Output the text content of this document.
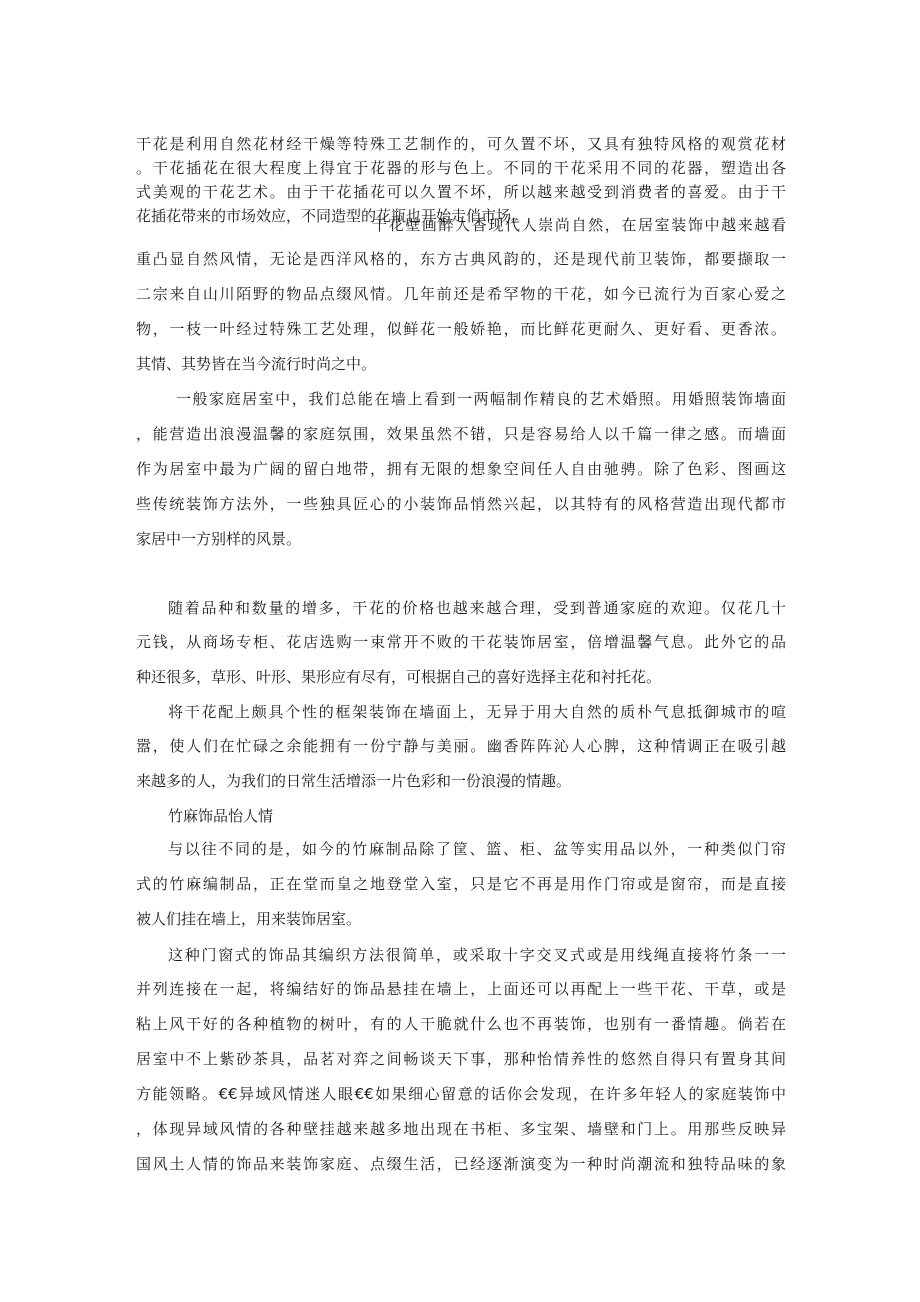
干花是利用自然花材经干燥等特殊工艺制作的，可久置不坏，又具有独特风格的观赏花材
。干花插花在很大程度上得宜于花器的形与色上。不同的干花采用不同的花器，塑造出各
式美观的干花艺术。由于干花插花可以久置不坏，所以越来越受到消费者的喜爱。由于干
花插花带来的市场效应，不同造型的花瓶也开始走俏市场。
干花壁画醉人香现代人崇尚自然，在居室装饰中越来越看
重凸显自然风情，无论是西洋风格的，东方古典风韵的，还是现代前卫装饰，都要撷取一
二宗来自山川陌野的物品点缀风情。几年前还是希罕物的干花，如今已流行为百家心爱之
物，一枝一叶经过特殊工艺处理，似鲜花一般娇艳，而比鲜花更耐久、更好看、更香浓。
其情、其势皆在当今流行时尚之中。
一般家庭居室中，我们总能在墙上看到一两幅制作精良的艺术婚照。用婚照装饰墙面
，能营造出浪漫温馨的家庭氛围，效果虽然不错，只是容易给人以千篇一律之感。而墙面
作为居室中最为广阔的留白地带，拥有无限的想象空间任人自由驰骋。除了色彩、图画这
些传统装饰方法外，一些独具匠心的小装饰品悄然兴起，以其特有的风格营造出现代都市
家居中一方别样的风景。
随着品种和数量的增多，干花的价格也越来越合理，受到普通家庭的欢迎。仅花几十
元钱，从商场专柜、花店选购一束常开不败的干花装饰居室，倍增温馨气息。此外它的品
种还很多，草形、叶形、果形应有尽有，可根据自己的喜好选择主花和衬托花。
将干花配上颇具个性的框架装饰在墙面上，无异于用大自然的质朴气息抵御城市的喧
嚣，使人们在忙碌之余能拥有一份宁静与美丽。幽香阵阵沁人心脾，这种情调正在吸引越
来越多的人，为我们的日常生活增添一片色彩和一份浪漫的情趣。
竹麻饰品怡人情
与以往不同的是，如今的竹麻制品除了筐、篮、柜、盆等实用品以外，一种类似门帘
式的竹麻编制品，正在堂而皇之地登堂入室，只是它不再是用作门帘或是窗帘，而是直接
被人们挂在墙上，用来装饰居室。
这种门窗式的饰品其编织方法很简单，或采取十字交叉式或是用线绳直接将竹条一一
并列连接在一起，将编结好的饰品悬挂在墙上，上面还可以再配上一些干花、干草，或是
粘上风干好的各种植物的树叶，有的人干脆就什么也不再装饰，也别有一番情趣。倘若在
居室中不上紫砂茶具，品茗对弈之间畅谈天下事，那种怡情养性的悠然自得只有置身其间
方能领略。€€异域风情迷人眼€€如果细心留意的话你会发现，在许多年轻人的家庭装饰中
，体现异域风情的各种壁挂越来越多地出现在书柜、多宝架、墙壁和门上。用那些反映异
国风土人情的饰品来装饰家庭、点缀生活，已经逐渐演变为一种时尚潮流和独特品味的象
